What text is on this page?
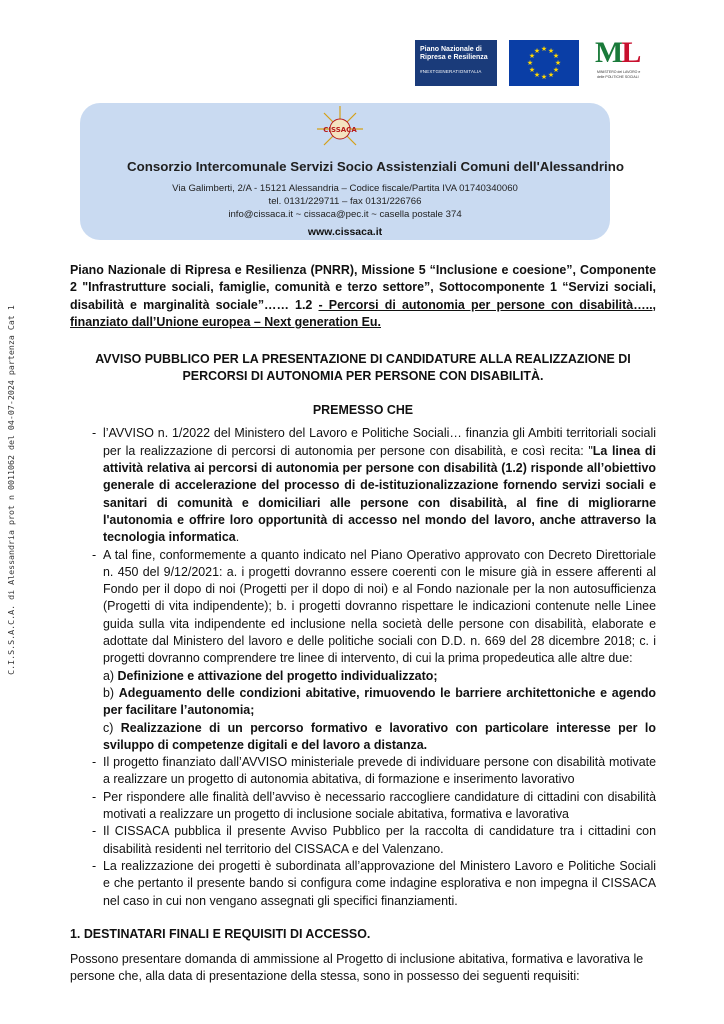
C.I.S.S.A.C.A. di Alessandria prot n 0011062 del 04-07-2024 partenza Cat 1
Piano Nazionale di Ripresa e Resilienza
#NEXTGENERATIONITALIA
★ ★
★
★
★
★
★
★
★
★
★
★ ML
MINISTERO del LAVORO e delle POLITICHE SOCIALI
CISSACA
Consorzio Intercomunale Servizi Socio Assistenziali Comuni dell'Alessandrino
Via Galimberti, 2/A - 15121 Alessandria – Codice fiscale/Partita IVA 01740340060
tel. 0131/229711 – fax 0131/226766
info@cissaca.it ~ cissaca@pec.it ~ casella postale 374
www.cissaca.it

Piano Nazionale di Ripresa e Resilienza (PNRR), Missione 5 “Inclusione e coesione”, Componente 2 "Infrastrutture sociali, famiglie, comunità e terzo settore”, Sottocomponente 1 “Servizi sociali, disabilità e marginalità sociale”…… 1.2 - Percorsi di autonomia per persone con disabilità….., finanziato dall’Unione europea – Next generation Eu.

AVVISO PUBBLICO PER LA PRESENTAZIONE DI CANDIDATURE ALLA REALIZZAZIONE DI PERCORSI DI AUTONOMIA PER PERSONE CON DISABILITÀ.
PREMESSO CHE
- l’AVVISO n. 1/2022 del Ministero del Lavoro e Politiche Sociali… finanzia gli Ambiti territoriali sociali per la realizzazione di percorsi di autonomia per persone con disabilità, e così recita: "La linea di attività relativa ai percorsi di autonomia per persone con disabilità (1.2) risponde all’obiettivo generale di accelerazione del processo di de-istituzionalizzazione fornendo servizi sociali e sanitari di comunità e domiciliari alle persone con disabilità, al fine di migliorarne l'autonomia e offrire loro opportunità di accesso nel mondo del lavoro, anche attraverso la tecnologia informatica.
- A tal fine, conformemente a quanto indicato nel Piano Operativo approvato con Decreto Direttoriale n. 450 del 9/12/2021: a. i progetti dovranno essere coerenti con le misure già in essere afferenti al Fondo per il dopo di noi (Progetti per il dopo di noi) e al Fondo nazionale per la non autosufficienza (Progetti di vita indipendente); b. i progetti dovranno rispettare le indicazioni contenute nelle Linee guida sulla vita indipendente ed inclusione nella società delle persone con disabilità, elaborate e adottate dal Ministero del lavoro e delle politiche sociali con D.D. n. 669 del 28 dicembre 2018; c. i progetti dovranno comprendere tre linee di intervento, di cui la prima propedeutica alle altre due:
a) Definizione e attivazione del progetto individualizzato;
b) Adeguamento delle condizioni abitative, rimuovendo le barriere architettoniche e agendo per facilitare l’autonomia;
c) Realizzazione di un percorso formativo e lavorativo con particolare interesse per lo sviluppo di competenze digitali e del lavoro a distanza.
- Il progetto finanziato dall’AVVISO ministeriale prevede di individuare persone con disabilità motivate a realizzare un progetto di autonomia abitativa, di formazione e inserimento lavorativo
- Per rispondere alle finalità dell’avviso è necessario raccogliere candidature di cittadini con disabilità motivati a realizzare un progetto di inclusione sociale abitativa, formativa e lavorativa
- Il CISSACA pubblica il presente Avviso Pubblico per la raccolta di candidature tra i cittadini con disabilità residenti nel territorio del CISSACA e del Valenzano.
- La realizzazione dei progetti è subordinata all’approvazione del Ministero Lavoro e Politiche Sociali e che pertanto il presente bando si configura come indagine esplorativa e non impegna il CISSACA nel caso in cui non vengano assegnati gli specifici finanziamenti.
1. DESTINATARI FINALI E REQUISITI DI ACCESSO.
Possono presentare domanda di ammissione al Progetto di inclusione abitativa, formativa e lavorativa le persone che, alla data di presentazione della stessa, sono in possesso dei seguenti requisiti:
